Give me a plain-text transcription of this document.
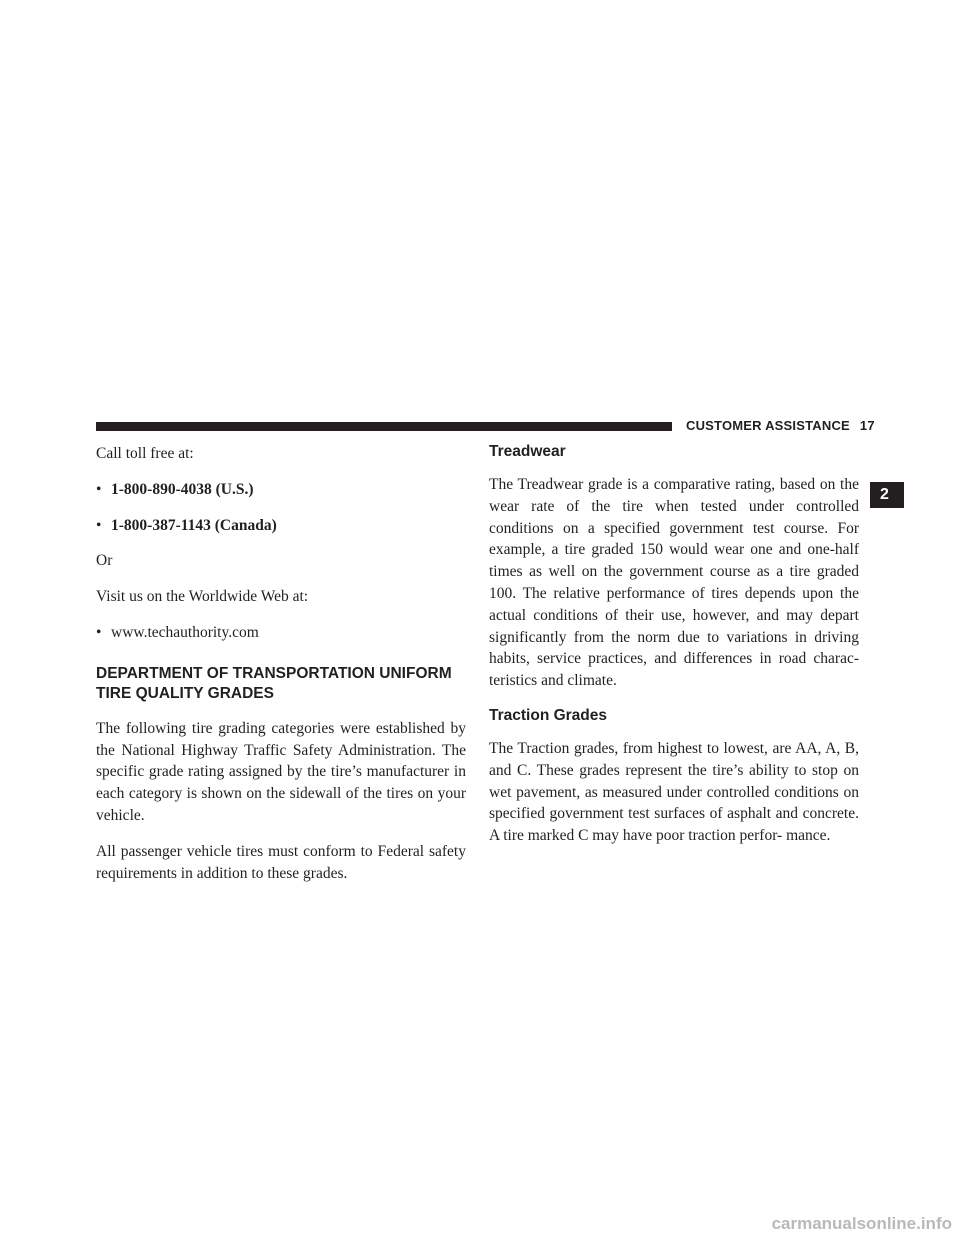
CUSTOMER ASSISTANCE 17
2

Call toll free at:

• 1-800-890-4038 (U.S.)
• 1-800-387-1143 (Canada)

Or

Visit us on the Worldwide Web at:

• www.techauthority.com
DEPARTMENT OF TRANSPORTATION UNIFORM
TIRE QUALITY GRADES

The following tire grading categories were established by the National Highway Traffic Safety Administration. The specific grade rating assigned by the tire’s manufacturer in each category is shown on the sidewall of the tires on your vehicle.

All passenger vehicle tires must conform to Federal safety requirements in addition to these grades.

Treadwear

The Treadwear grade is a comparative rating, based on the wear rate of the tire when tested under controlled conditions on a specified government test course. For example, a tire graded 150 would wear one and one-half times as well on the government course as a tire graded 100. The relative performance of tires depends upon the actual conditions of their use, however, and may depart significantly from the norm due to variations in driving habits, service practices, and differences in road charac- teristics and climate.

Traction Grades

The Traction grades, from highest to lowest, are AA, A, B, and C. These grades represent the tire’s ability to stop on wet pavement, as measured under controlled conditions on specified government test surfaces of asphalt and concrete. A tire marked C may have poor traction perfor- mance.

carmanualsonline.info
